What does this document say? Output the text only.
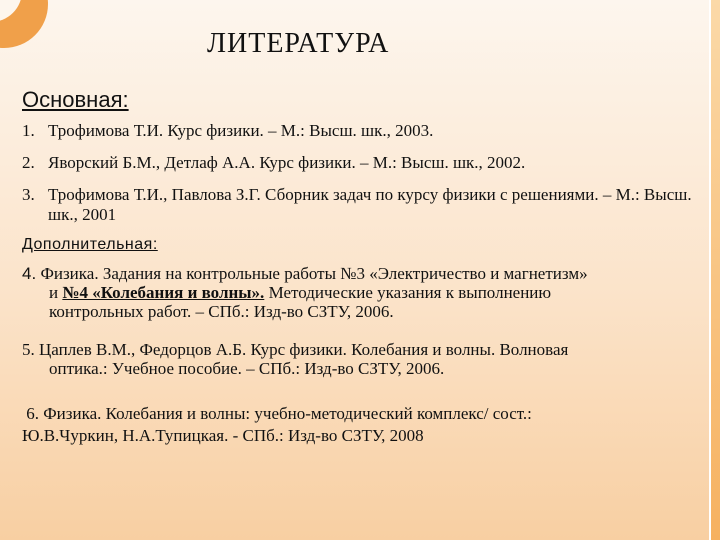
ЛИТЕРАТУРА
Основная:
1. Трофимова Т.И. Курс физики. – М.: Высш. шк., 2003.
2. Яворский Б.М., Детлаф А.А. Курс физики. – М.: Высш. шк., 2002.
3. Трофимова Т.И., Павлова З.Г. Сборник задач по курсу физики с решениями. – М.: Высш. шк., 2001
Дополнительная:
4. Физика. Задания на контрольные работы №3 «Электричество и магнетизм»
и №4 «Колебания и волны». Методические указания к выполнению
контрольных работ. – СПб.: Изд-во СЗТУ, 2006.
5. Цаплев В.М., Федорцов А.Б. Курс физики. Колебания и волны. Волновая
оптика.: Учебное пособие. – СПб.: Изд-во СЗТУ, 2006.
6. Физика. Колебания и волны: учебно-методический комплекс/ сост.:
Ю.В.Чуркин, Н.А.Тупицкая. - СПб.: Изд-во СЗТУ, 2008
